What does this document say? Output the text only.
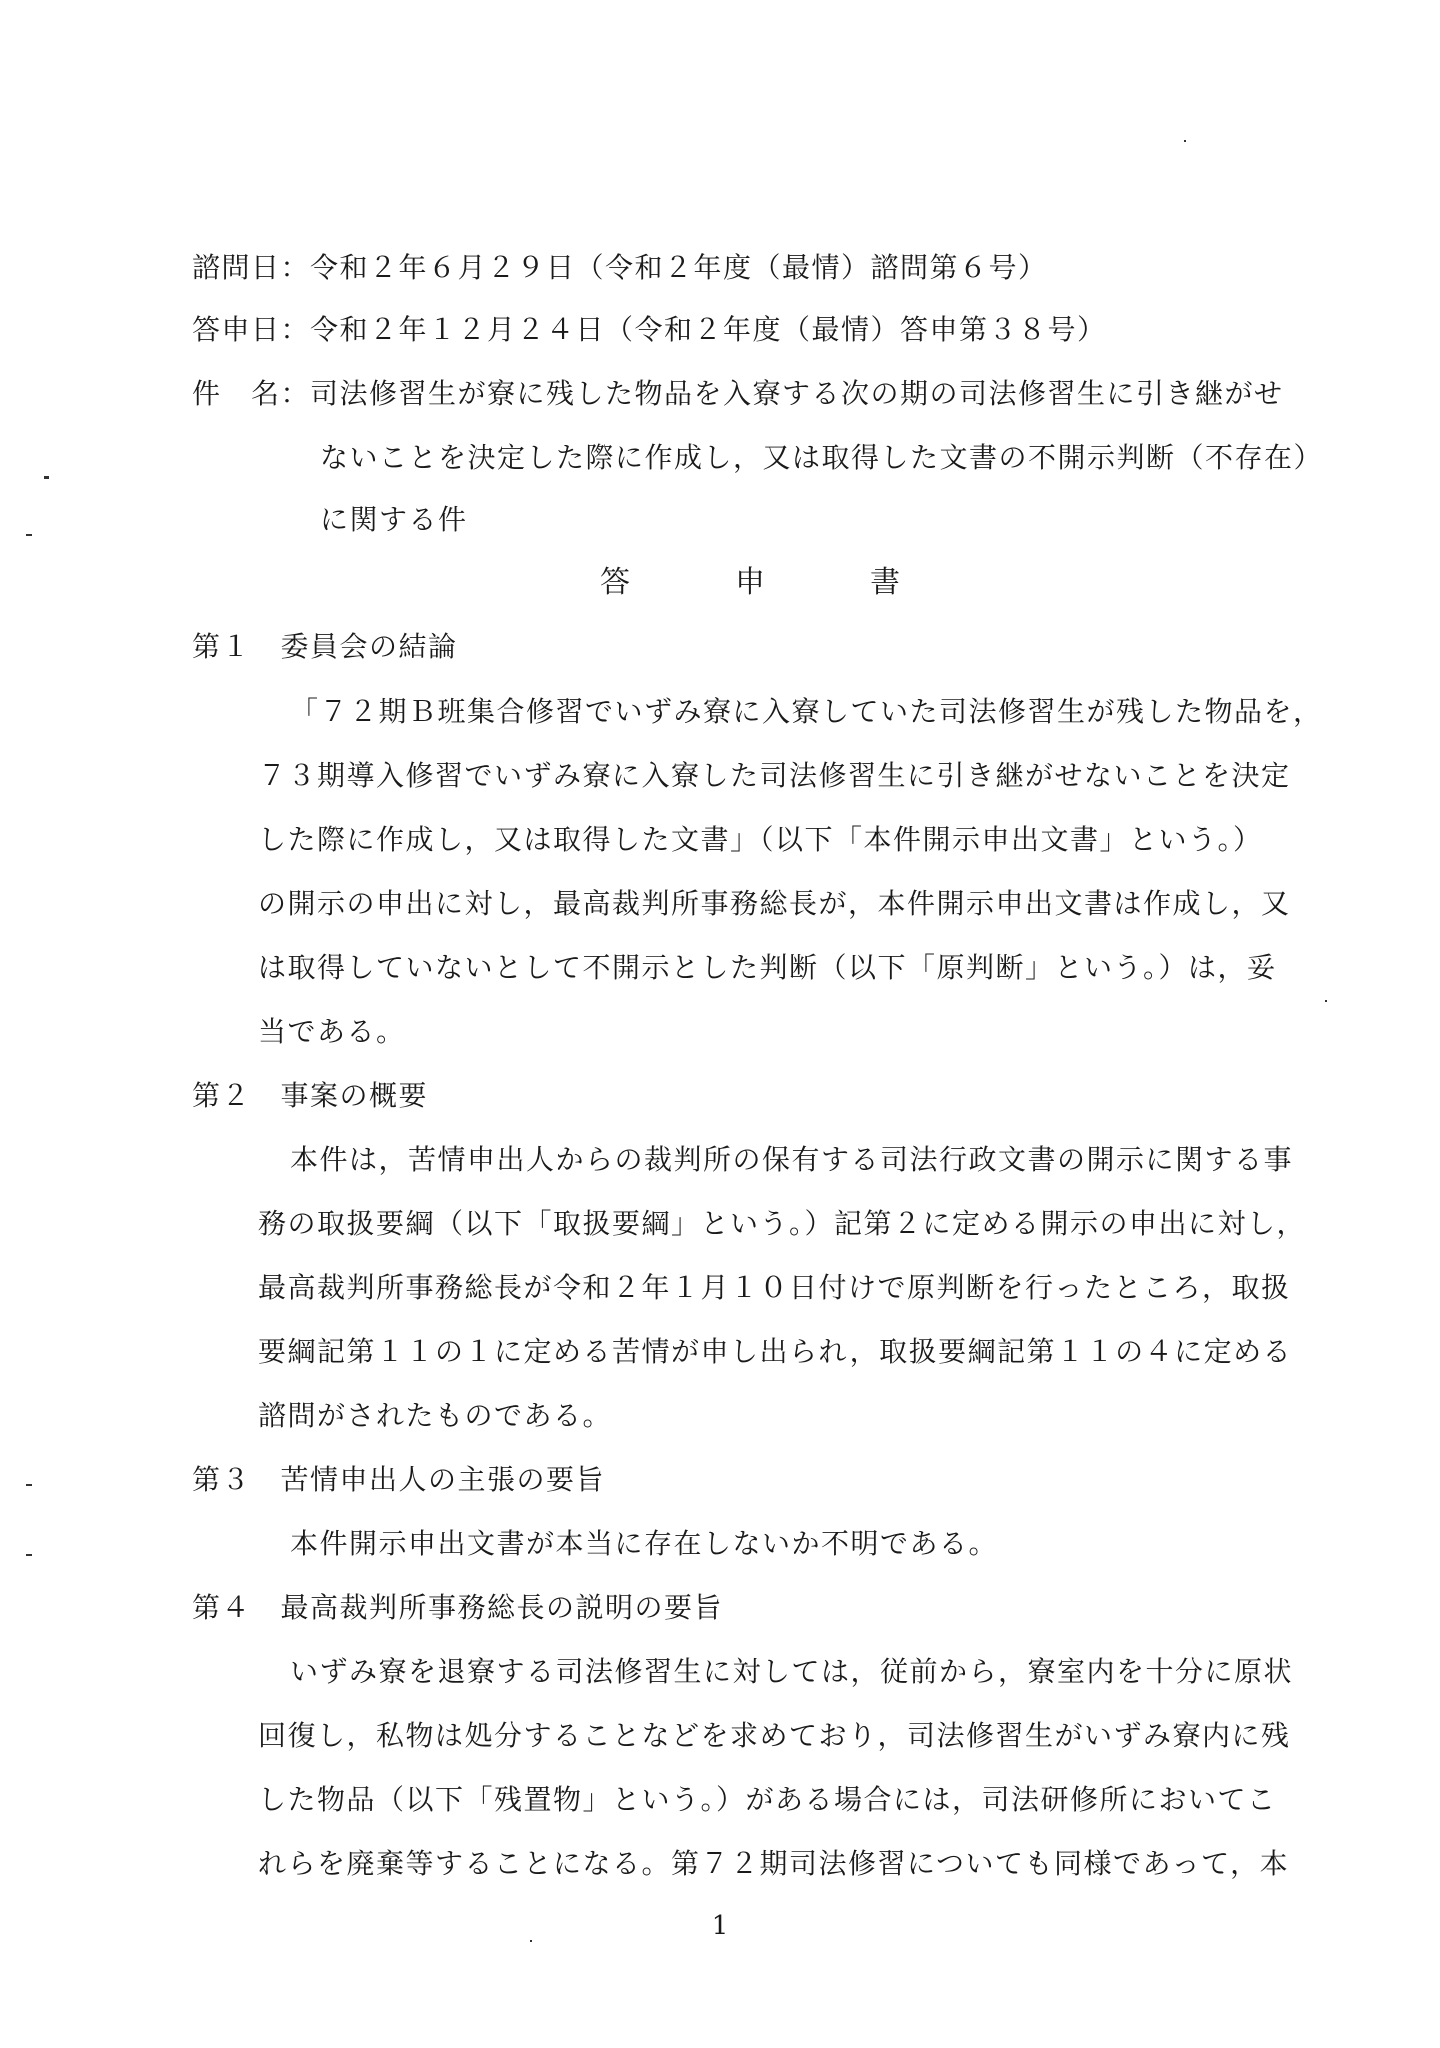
諮問日：令和２年６月２９日（令和２年度（最情）諮問第６号）
答申日：令和２年１２月２４日（令和２年度（最情）答申第３８号）
件　名：司法修習生が寮に残した物品を入寮する次の期の司法修習生に引き継がせ
ないことを決定した際に作成し，又は取得した文書の不開示判断（不存在）
に関する件
答	申	書
第１　委員会の結論
「７２期Ｂ班集合修習でいずみ寮に入寮していた司法修習生が残した物品を，
７３期導入修習でいずみ寮に入寮した司法修習生に引き継がせないことを決定
した際に作成し，又は取得した文書」（以下「本件開示申出文書」という。）
の開示の申出に対し，最高裁判所事務総長が，本件開示申出文書は作成し，又
は取得していないとして不開示とした判断（以下「原判断」という。）は，妥
当である。
第２　事案の概要
本件は，苦情申出人からの裁判所の保有する司法行政文書の開示に関する事
務の取扱要綱（以下「取扱要綱」という。）記第２に定める開示の申出に対し，
最高裁判所事務総長が令和２年１月１０日付けで原判断を行ったところ，取扱
要綱記第１１の１に定める苦情が申し出られ，取扱要綱記第１１の４に定める
諮問がされたものである。
第３　苦情申出人の主張の要旨
本件開示申出文書が本当に存在しないか不明である。
第４　最高裁判所事務総長の説明の要旨
いずみ寮を退寮する司法修習生に対しては，従前から，寮室内を十分に原状
回復し，私物は処分することなどを求めており，司法修習生がいずみ寮内に残
した物品（以下「残置物」という。）がある場合には，司法研修所においてこ
れらを廃棄等することになる。第７２期司法修習についても同様であって，本
1
